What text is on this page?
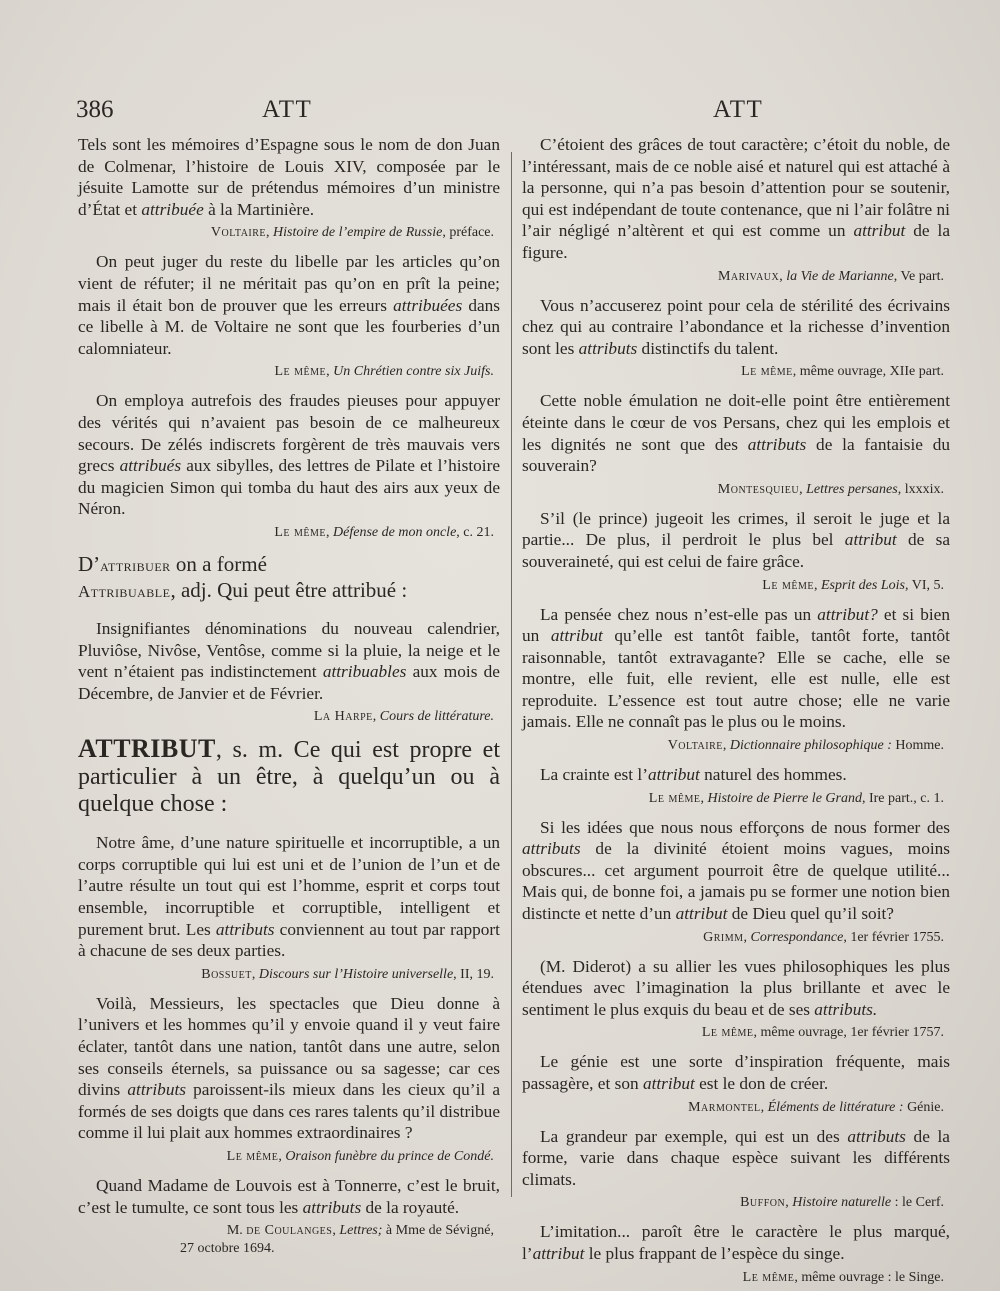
386	ATT	ATT

Tels sont les mémoires d’Espagne sous le nom de don Juan de Colmenar, l’histoire de Louis XIV, composée par le jésuite Lamotte sur de prétendus mémoires d’un ministre d’État et attribuée à la Martinière.

Voltaire, Histoire de l’empire de Russie, préface.

On peut juger du reste du libelle par les articles qu’on vient de réfuter; il ne méritait pas qu’on en prît la peine; mais il était bon de prouver que les erreurs attribuées dans ce libelle à M. de Voltaire ne sont que les fourberies d’un calomniateur.

Le même, Un Chrétien contre six Juifs.

On employa autrefois des fraudes pieuses pour appuyer des vérités qui n’avaient pas besoin de ce malheureux secours. De zélés indiscrets forgèrent de très mauvais vers grecs attribués aux sibylles, des lettres de Pilate et l’histoire du magicien Simon qui tomba du haut des airs aux yeux de Néron.

Le même, Défense de mon oncle, c. 21.
D’attribuer on a formé
Attribuable, adj. Qui peut être attribué :

Insignifiantes dénominations du nouveau calendrier, Pluviôse, Nivôse, Ventôse, comme si la pluie, la neige et le vent n’étaient pas indistinctement attribuables aux mois de Décembre, de Janvier et de Février.

La Harpe, Cours de littérature.
ATTRIBUT, s. m. Ce qui est propre et particulier à un être, à quelqu’un ou à quelque chose :

Notre âme, d’une nature spirituelle et incorruptible, a un corps corruptible qui lui est uni et de l’union de l’un et de l’autre résulte un tout qui est l’homme, esprit et corps tout ensemble, incorruptible et corruptible, intelligent et purement brut. Les attributs conviennent au tout par rapport à chacune de ses deux parties.

Bossuet, Discours sur l’Histoire universelle, II, 19.

Voilà, Messieurs, les spectacles que Dieu donne à l’univers et les hommes qu’il y envoie quand il y veut faire éclater, tantôt dans une nation, tantôt dans une autre, selon ses conseils éternels, sa puissance ou sa sagesse; car ces divins attributs paroissent-ils mieux dans les cieux qu’il a formés de ses doigts que dans ces rares talents qu’il distribue comme il lui plait aux hommes extraordinaires ?

Le même, Oraison funèbre du prince de Condé.

Quand Madame de Louvois est à Tonnerre, c’est le bruit, c’est le tumulte, ce sont tous les attributs de la royauté.

M. de Coulanges, Lettres; à Mme de Sévigné,
27 octobre 1694.

C’étoient des grâces de tout caractère; c’étoit du noble, de l’intéressant, mais de ce noble aisé et naturel qui est attaché à la personne, qui n’a pas besoin d’attention pour se soutenir, qui est indépendant de toute contenance, que ni l’air folâtre ni l’air négligé n’altèrent et qui est comme un attribut de la figure.

Marivaux, la Vie de Marianne, Ve part.

Vous n’accuserez point pour cela de stérilité des écrivains chez qui au contraire l’abondance et la richesse d’invention sont les attributs distinctifs du talent.

Le même, même ouvrage, XIIe part.

Cette noble émulation ne doit-elle point être entièrement éteinte dans le cœur de vos Persans, chez qui les emplois et les dignités ne sont que des attributs de la fantaisie du souverain?

Montesquieu, Lettres persanes, lxxxix.

S’il (le prince) jugeoit les crimes, il seroit le juge et la partie... De plus, il perdroit le plus bel attribut de sa souveraineté, qui est celui de faire grâce.

Le même, Esprit des Lois, VI, 5.

La pensée chez nous n’est-elle pas un attribut? et si bien un attribut qu’elle est tantôt faible, tantôt forte, tantôt raisonnable, tantôt extravagante? Elle se cache, elle se montre, elle fuit, elle revient, elle est nulle, elle est reproduite. L’essence est tout autre chose; elle ne varie jamais. Elle ne connaît pas le plus ou le moins.

Voltaire, Dictionnaire philosophique : Homme.

La crainte est l’attribut naturel des hommes.

Le même, Histoire de Pierre le Grand, Ire part., c. 1.

Si les idées que nous nous efforçons de nous former des attributs de la divinité étoient moins vagues, moins obscures... cet argument pourroit être de quelque utilité... Mais qui, de bonne foi, a jamais pu se former une notion bien distincte et nette d’un attribut de Dieu quel qu’il soit?

Grimm, Correspondance, 1er février 1755.

(M. Diderot) a su allier les vues philosophiques les plus étendues avec l’imagination la plus brillante et avec le sentiment le plus exquis du beau et de ses attributs.

Le même, même ouvrage, 1er février 1757.

Le génie est une sorte d’inspiration fréquente, mais passagère, et son attribut est le don de créer.

Marmontel, Éléments de littérature : Génie.

La grandeur par exemple, qui est un des attributs de la forme, varie dans chaque espèce suivant les différents climats.

Buffon, Histoire naturelle : le Cerf.

L’imitation... paroît être le caractère le plus marqué, l’attribut le plus frappant de l’espèce du singe.

Le même, même ouvrage : le Singe.
